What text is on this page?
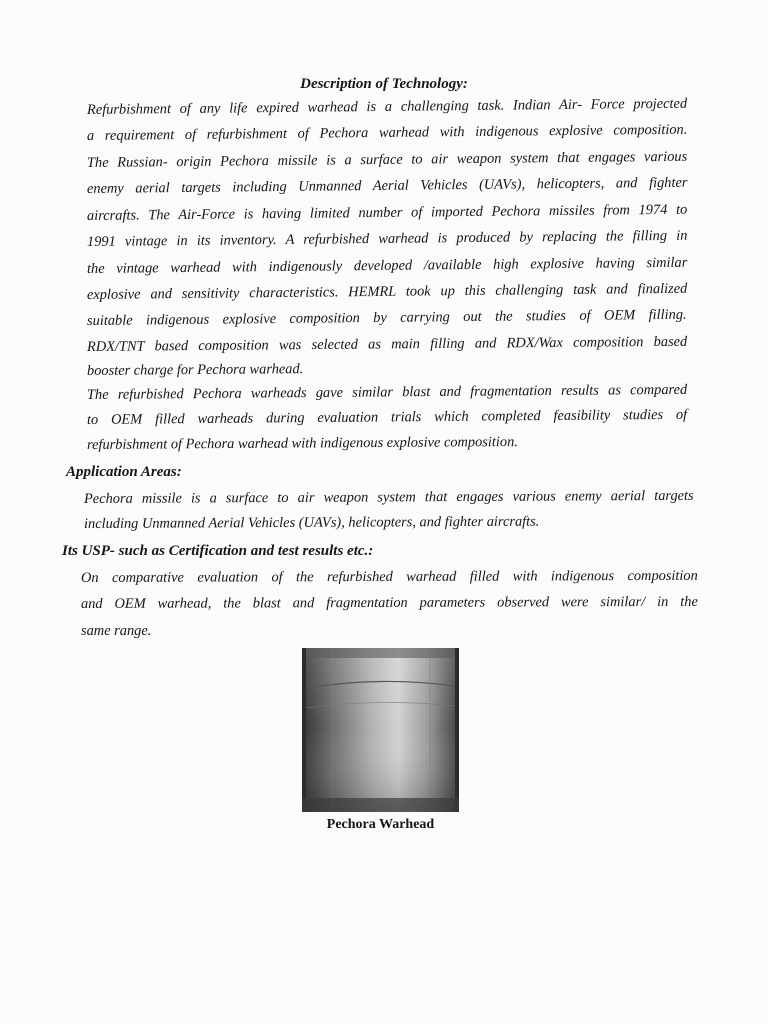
Description of Technology:
Refurbishment of any life expired warhead is a challenging task. Indian Air- Force projected
a requirement of refurbishment of Pechora warhead with indigenous explosive composition.
The Russian- origin Pechora missile is a surface to air weapon system that engages various
enemy aerial targets including Unmanned Aerial Vehicles (UAVs), helicopters, and fighter
aircrafts. The Air-Force is having limited number of imported Pechora missiles from 1974 to
1991 vintage in its inventory. A refurbished warhead is produced by replacing the filling in
the vintage warhead with indigenously developed /available high explosive having similar
explosive and sensitivity characteristics. HEMRL took up this challenging task and finalized
suitable indigenous explosive composition by carrying out the studies of OEM filling.
RDX/TNT based composition was selected as main filling and RDX/Wax composition based
booster charge for Pechora warhead.
The refurbished Pechora warheads gave similar blast and fragmentation results as compared
to OEM filled warheads during evaluation trials which completed feasibility studies of
refurbishment of Pechora warhead with indigenous explosive composition.
Application Areas:
Pechora missile is a surface to air weapon system that engages various enemy aerial targets
including Unmanned Aerial Vehicles (UAVs), helicopters, and fighter aircrafts.
Its USP- such as Certification and test results etc.:
On comparative evaluation of the refurbished warhead filled with indigenous composition
and OEM warhead, the blast and fragmentation parameters observed were similar/ in the
same range.
Pechora Warhead
